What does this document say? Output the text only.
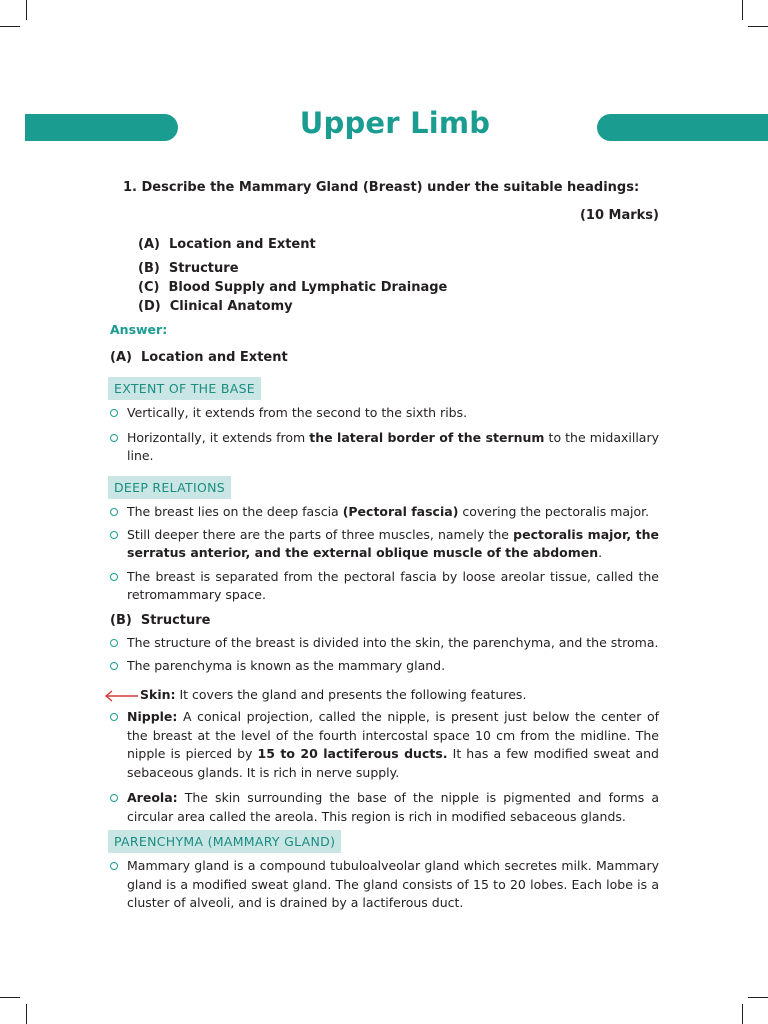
Upper Limb

1. Describe the Mammary Gland (Breast) under the suitable headings:

(10 Marks)

(A) Location and Extent
(B) Structure
(C) Blood Supply and Lymphatic Drainage
(D) Clinical Anatomy

Answer:

(A)  Location and Extent

EXTENT OF THE BASE
Vertically, it extends from the second to the sixth ribs.
Horizontally, it extends from the lateral border of the sternum to the midaxillary line.
DEEP RELATIONS
The breast lies on the deep fascia (Pectoral fascia) covering the pectoralis major.
Still deeper there are the parts of three muscles, namely the pectoralis major, the serratus anterior, and the external oblique muscle of the abdomen.
The breast is separated from the pectoral fascia by loose areolar tissue, called the retromammary space.

(B)  Structure

The structure of the breast is divided into the skin, the parenchyma, and the stroma.
The parenchyma is known as the mammary gland.

Skin: It covers the gland and presents the following features.

Nipple: A conical projection, called the nipple, is present just below the center of the breast at the level of the fourth intercostal space 10 cm from the midline. The nipple is pierced by 15 to 20 lactiferous ducts. It has a few modified sweat and sebaceous glands. It is rich in nerve supply.
Areola: The skin surrounding the base of the nipple is pigmented and forms a circular area called the areola. This region is rich in modified sebaceous glands.
PARENCHYMA (MAMMARY GLAND)
Mammary gland is a compound tubuloalveolar gland which secretes milk. Mammary gland is a modified sweat gland. The gland consists of 15 to 20 lobes. Each lobe is a cluster of alveoli, and is drained by a lactiferous duct.
